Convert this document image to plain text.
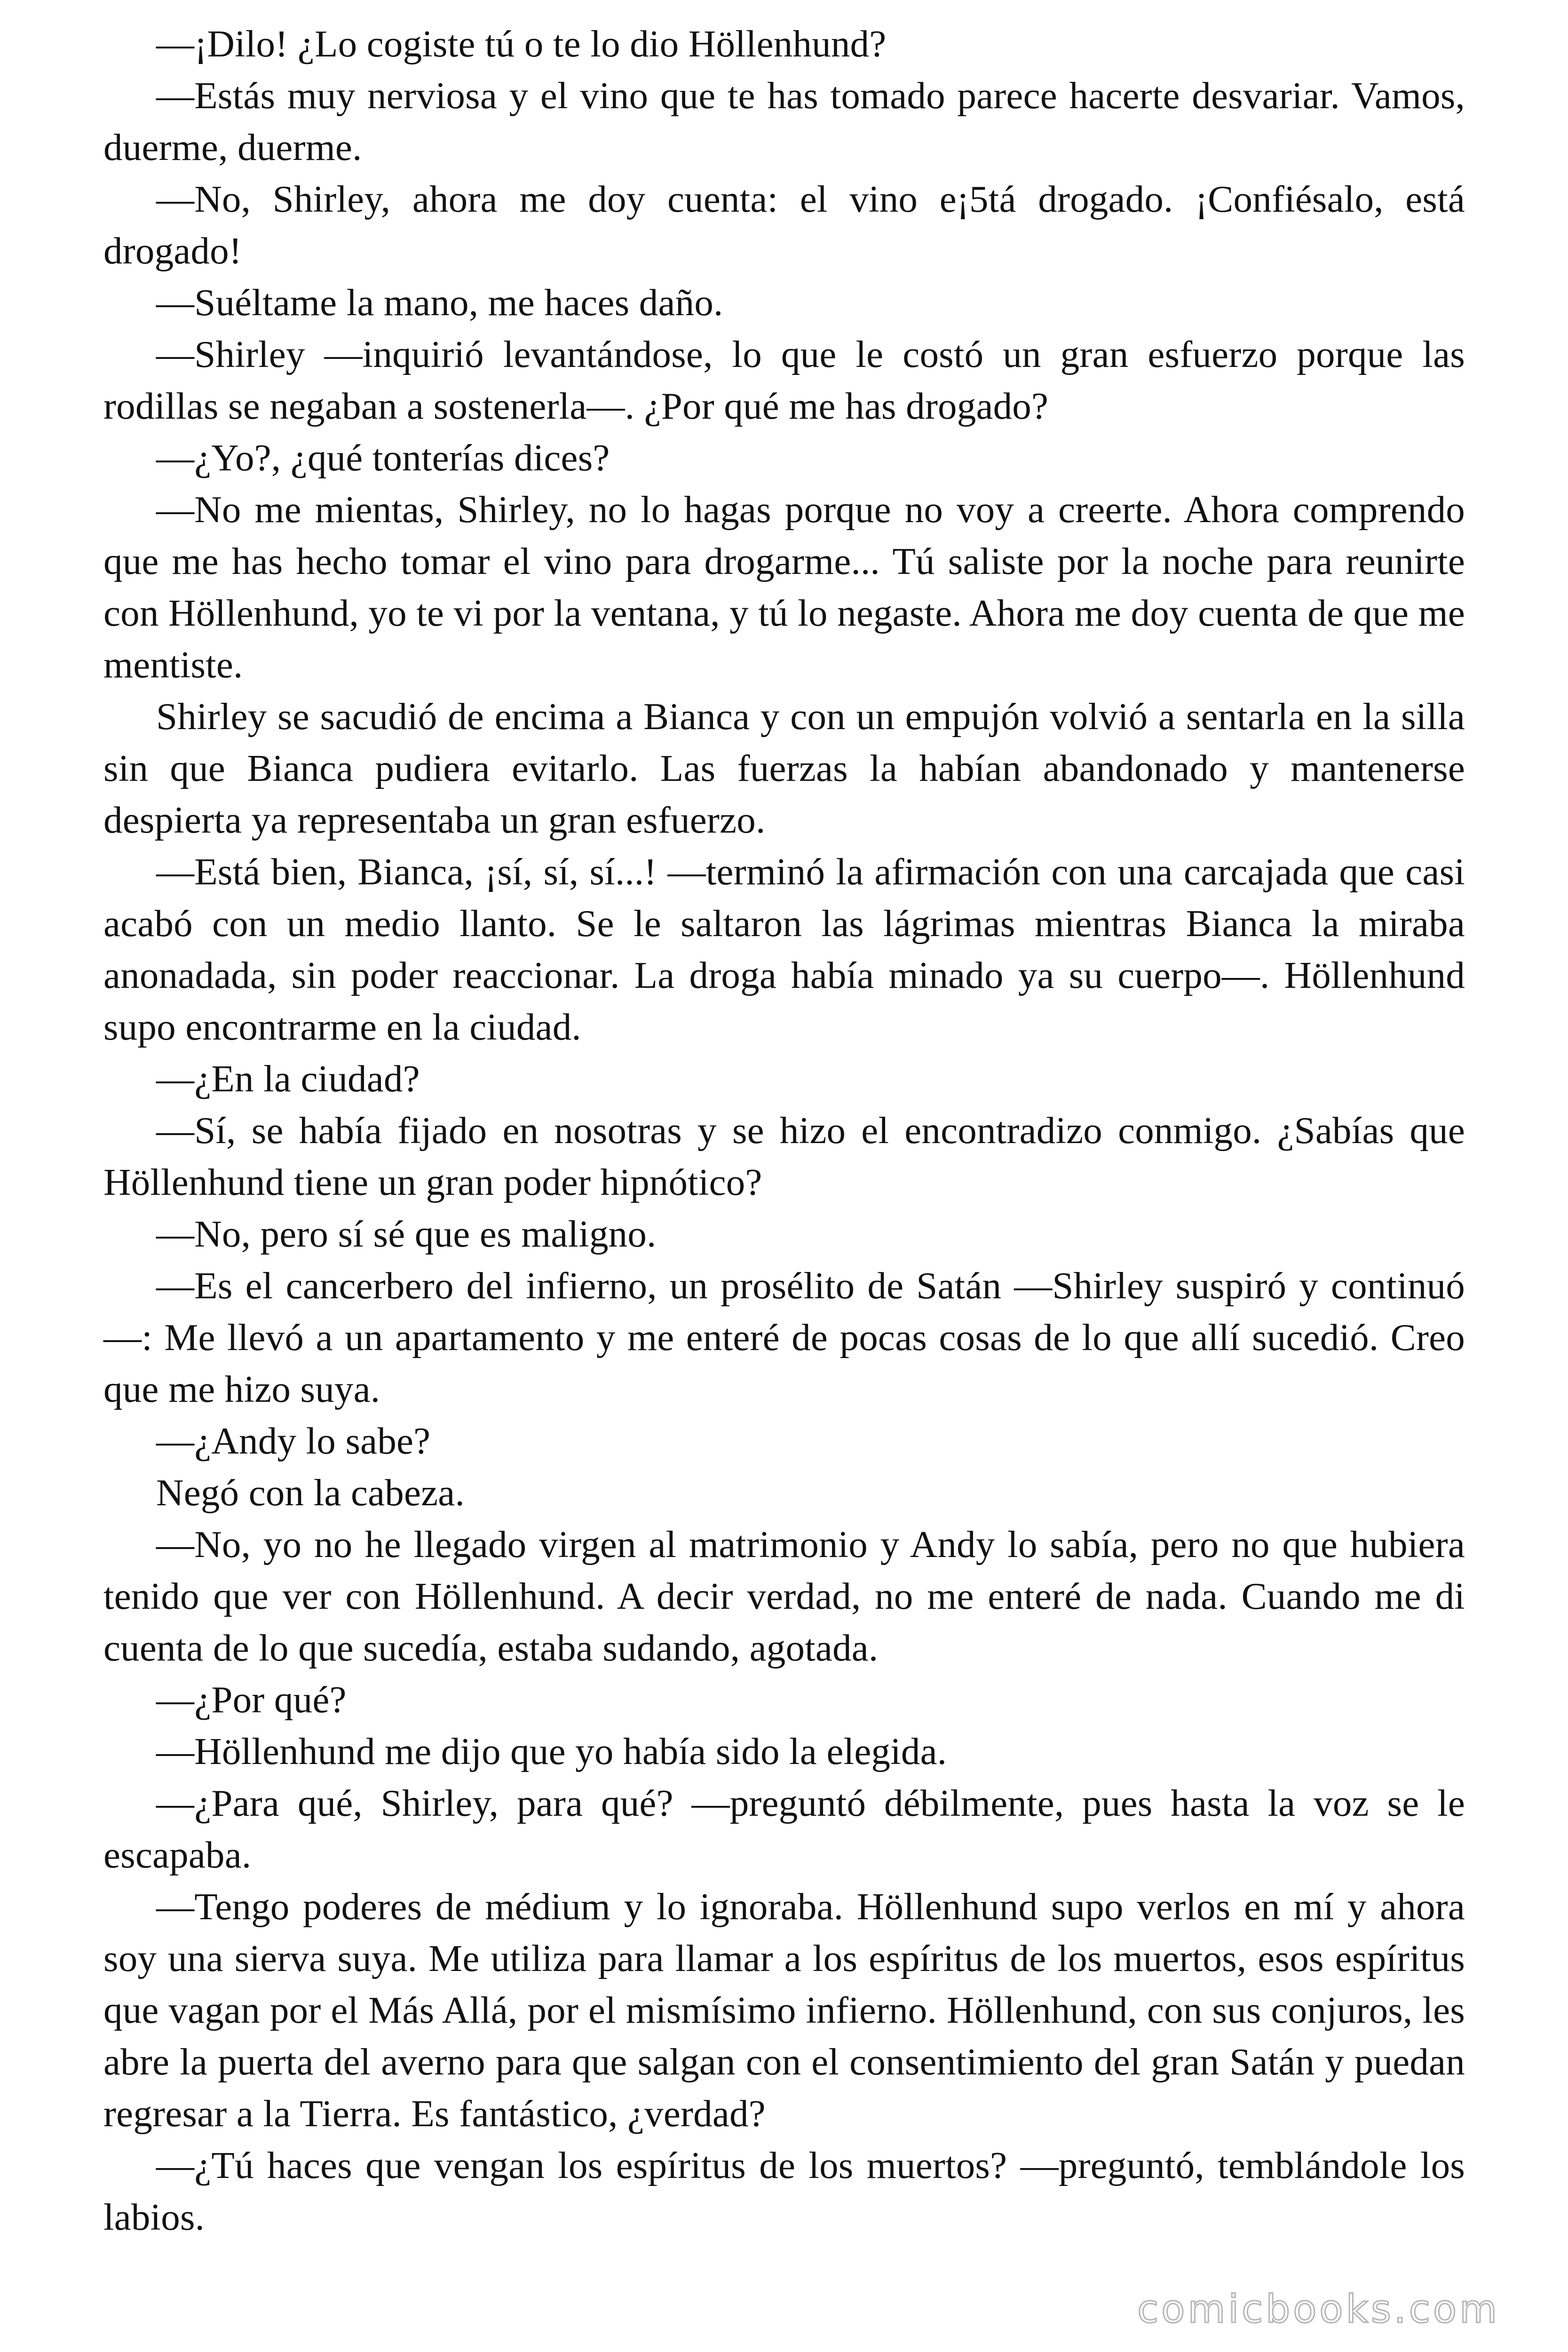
—¡Dilo! ¿Lo cogiste tú o te lo dio Höllenhund?

—Estás muy nerviosa y el vino que te has tomado parece hacerte desvariar. Vamos, duerme, duerme.

—No, Shirley, ahora me doy cuenta: el vino e¡5tá drogado. ¡Confiésalo, está drogado!

—Suéltame la mano, me haces daño.

—Shirley —inquirió levantándose, lo que le costó un gran esfuerzo porque las rodillas se negaban a sostenerla—. ¿Por qué me has drogado?

—¿Yo?, ¿qué tonterías dices?

—No me mientas, Shirley, no lo hagas porque no voy a creerte. Ahora comprendo que me has hecho tomar el vino para drogarme... Tú saliste por la noche para reunirte con Höllenhund, yo te vi por la ventana, y tú lo negaste. Ahora me doy cuenta de que me mentiste.

Shirley se sacudió de encima a Bianca y con un empujón volvió a sentarla en la silla sin que Bianca pudiera evitarlo. Las fuerzas la habían abandonado y mantenerse despierta ya representaba un gran esfuerzo.

—Está bien, Bianca, ¡sí, sí, sí...! —terminó la afirmación con una carcajada que casi acabó con un medio llanto. Se le saltaron las lágrimas mientras Bianca la miraba anonadada, sin poder reaccionar. La droga había minado ya su cuerpo—. Höllenhund supo encontrarme en la ciudad.

—¿En la ciudad?

—Sí, se había fijado en nosotras y se hizo el encontradizo conmigo. ¿Sabías que Höllenhund tiene un gran poder hipnótico?

—No, pero sí sé que es maligno.

—Es el cancerbero del infierno, un prosélito de Satán —Shirley suspiró y continuó—: Me llevó a un apartamento y me enteré de pocas cosas de lo que allí sucedió. Creo que me hizo suya.

—¿Andy lo sabe?

Negó con la cabeza.

—No, yo no he llegado virgen al matrimonio y Andy lo sabía, pero no que hubiera tenido que ver con Höllenhund. A decir verdad, no me enteré de nada. Cuando me di cuenta de lo que sucedía, estaba sudando, agotada.

—¿Por qué?

—Höllenhund me dijo que yo había sido la elegida.

—¿Para qué, Shirley, para qué? —preguntó débilmente, pues hasta la voz se le escapaba.

—Tengo poderes de médium y lo ignoraba. Höllenhund supo verlos en mí y ahora soy una sierva suya. Me utiliza para llamar a los espíritus de los muertos, esos espíritus que vagan por el Más Allá, por el mismísimo infierno. Höllenhund, con sus conjuros, les abre la puerta del averno para que salgan con el consentimiento del gran Satán y puedan regresar a la Tierra. Es fantástico, ¿verdad?

—¿Tú haces que vengan los espíritus de los muertos? —preguntó, temblándole los labios.

comicbooks.com
